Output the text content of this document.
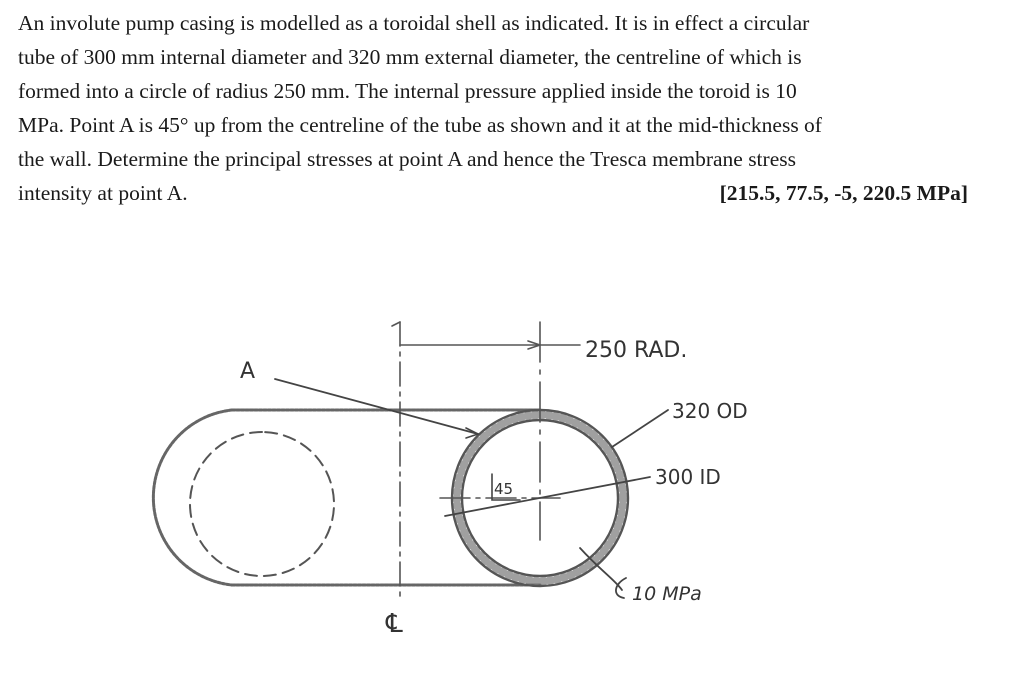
An involute pump casing is modelled as a toroidal shell as indicated. It is in effect a circular
tube of 300 mm internal diameter and 320 mm external diameter, the centreline of which is
formed into a circle of radius 250 mm. The internal pressure applied inside the toroid is 10
MPa. Point A is 45° up from the centreline of the tube as shown and it at the mid-thickness of
the wall. Determine the principal stresses at point A and hence the Tresca membrane stress
intensity at point A.	[215.5, 77.5, -5, 220.5 MPa]
250 RAD.
A
320 OD
300 ID
45
10 MPa
℄
